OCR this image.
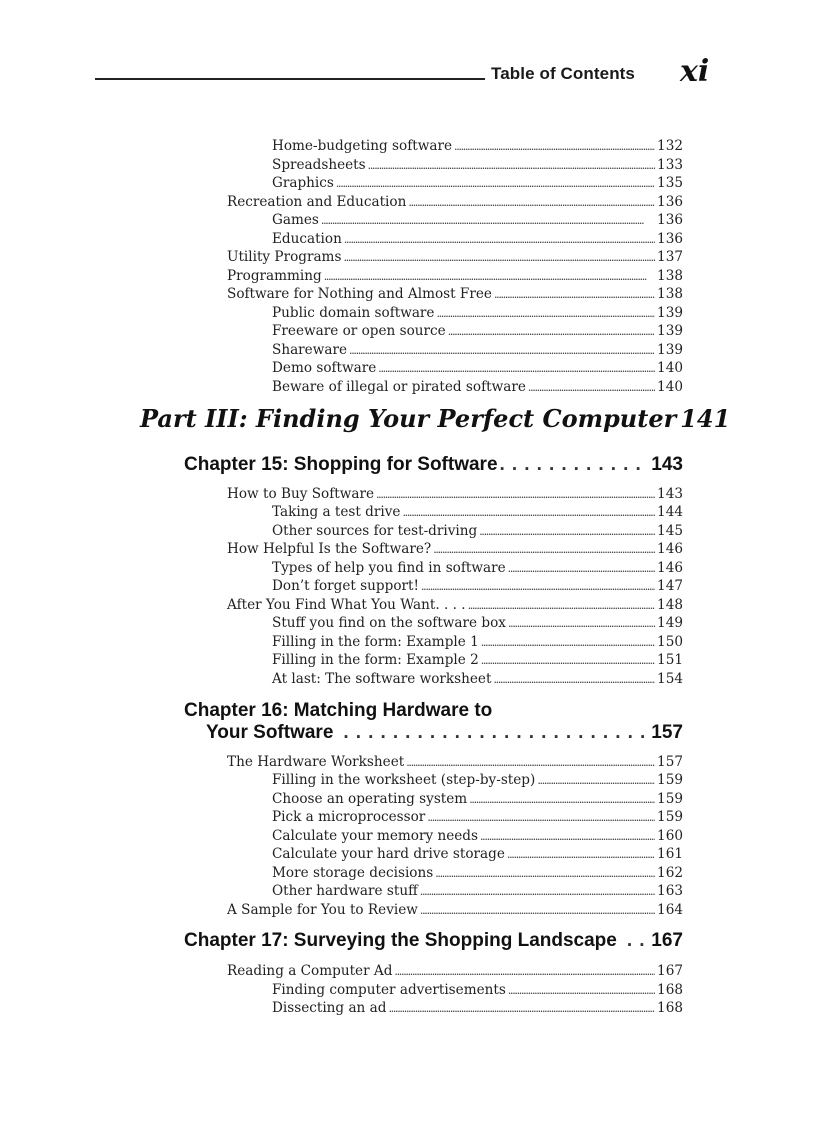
Table of Contents xi
Home-budgeting software . . .	132
Spreadsheets . . .	133
Graphics . . .	135
Recreation and Education . . .	136
Games . . .	136
Education . . .	136
Utility Programs . . .	137
Programming . . .	138
Software for Nothing and Almost Free . . .	138
Public domain software . . .	139
Freeware or open source . . .	139
Shareware . . .	139
Demo software . . .	140
Beware of illegal or pirated software . . .	140
Part III: Finding Your Perfect Computer 141
Chapter 15: Shopping for Software . . .	143
How to Buy Software . . .	143
Taking a test drive . . .	144
Other sources for test-driving . . .	145
How Helpful Is the Software? . . .	146
Types of help you find in software . . .	146
Don’t forget support! . . .	147
After You Find What You Want. . . . . . .	148
Stuff you find on the software box . . .	149
Filling in the form: Example 1 . . .	150
Filling in the form: Example 2 . . .	151
At last: The software worksheet . . .	154
Chapter 16: Matching Hardware to
Your Software . . .	157
The Hardware Worksheet . . .	157
Filling in the worksheet (step-by-step) . . .	159
Choose an operating system . . .	159
Pick a microprocessor . . .	159
Calculate your memory needs . . .	160
Calculate your hard drive storage . . .	161
More storage decisions . . .	162
Other hardware stuff . . .	163
A Sample for You to Review . . .	164
Chapter 17: Surveying the Shopping Landscape . . . 167
Reading a Computer Ad . . .	167
Finding computer advertisements . . .	168
Dissecting an ad . . .	168
